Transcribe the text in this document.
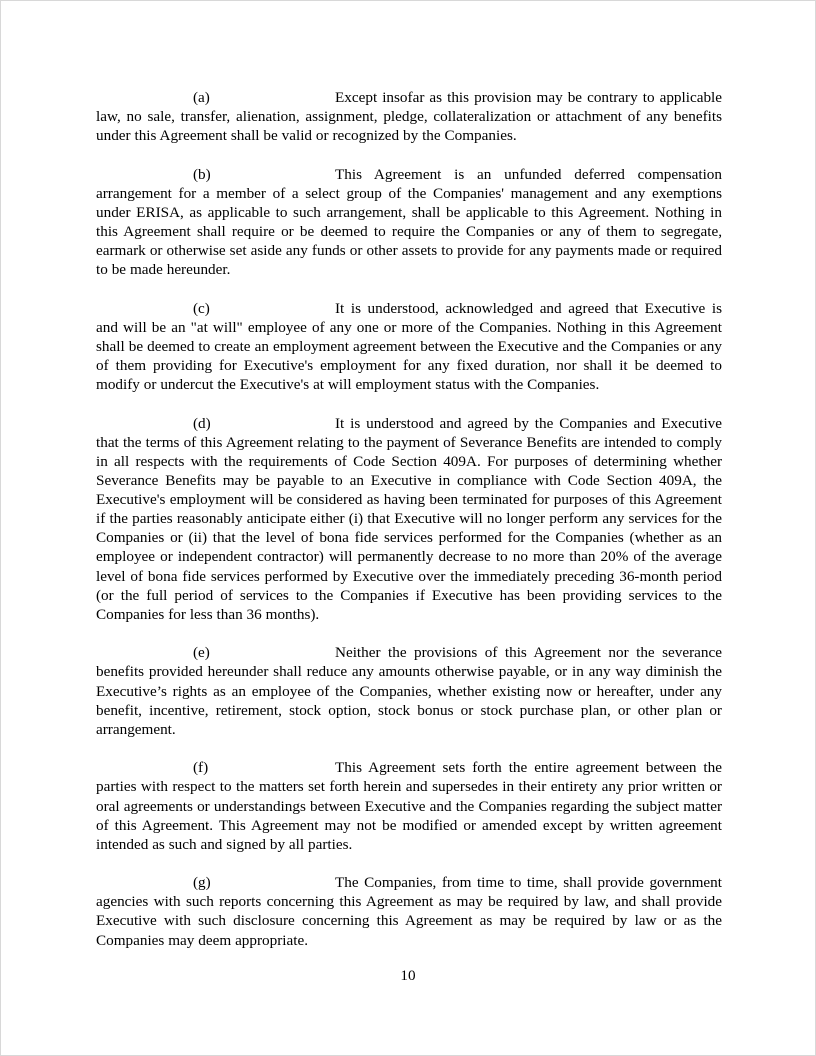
(a)	Except insofar as this provision may be contrary to applicable law, no sale, transfer, alienation, assignment, pledge, collateralization or attachment of any benefits under this Agreement shall be valid or recognized by the Companies.

(b)	This Agreement is an unfunded deferred compensation arrangement for a member of a select group of the Companies' management and any exemptions under ERISA, as applicable to such arrangement, shall be applicable to this Agreement. Nothing in this Agreement shall require or be deemed to require the Companies or any of them to segregate, earmark or otherwise set aside any funds or other assets to provide for any payments made or required to be made hereunder.

(c)	It is understood, acknowledged and agreed that Executive is and will be an "at will" employee of any one or more of the Companies. Nothing in this Agreement shall be deemed to create an employment agreement between the Executive and the Companies or any of them providing for Executive's employment for any fixed duration, nor shall it be deemed to modify or undercut the Executive's at will employment status with the Companies.

(d)	It is understood and agreed by the Companies and Executive that the terms of this Agreement relating to the payment of Severance Benefits are intended to comply in all respects with the requirements of Code Section 409A. For purposes of determining whether Severance Benefits may be payable to an Executive in compliance with Code Section 409A, the Executive's employment will be considered as having been terminated for purposes of this Agreement if the parties reasonably anticipate either (i) that Executive will no longer perform any services for the Companies or (ii) that the level of bona fide services performed for the Companies (whether as an employee or independent contractor) will permanently decrease to no more than 20% of the average level of bona fide services performed by Executive over the immediately preceding 36-month period (or the full period of services to the Companies if Executive has been providing services to the Companies for less than 36 months).

(e)	Neither the provisions of this Agreement nor the severance benefits provided hereunder shall reduce any amounts otherwise payable, or in any way diminish the Executive’s rights as an employee of the Companies, whether existing now or hereafter, under any benefit, incentive, retirement, stock option, stock bonus or stock purchase plan, or other plan or arrangement.

(f)	This Agreement sets forth the entire agreement between the parties with respect to the matters set forth herein and supersedes in their entirety any prior written or oral agreements or understandings between Executive and the Companies regarding the subject matter of this Agreement. This Agreement may not be modified or amended except by written agreement intended as such and signed by all parties.

(g)	The Companies, from time to time, shall provide government agencies with such reports concerning this Agreement as may be required by law, and shall provide Executive with such disclosure concerning this Agreement as may be required by law or as the Companies may deem appropriate.

10
